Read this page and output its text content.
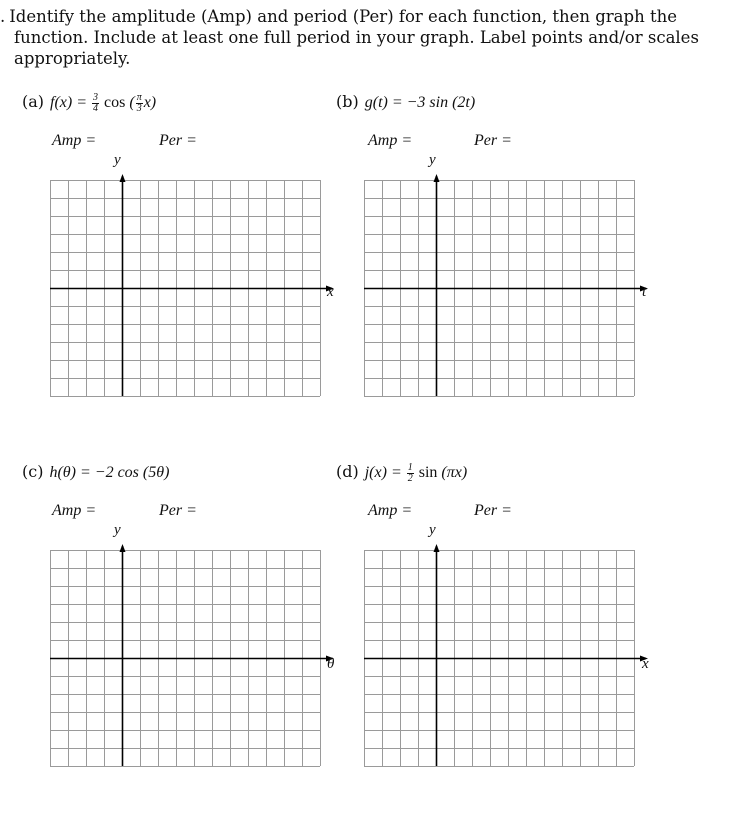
. Identify the amplitude (Amp) and period (Per) for each function, then graph the
function. Include at least one full period in your graph. Label points and/or scales
appropriately.
(a) $f(x) = \frac{3}{4}$ cos ( $\frac{\pi}{3} x$)
Amp =	Per =
y
x
(b) g(t) = −3 sin (2t)
Amp =	Per =
y
t
(c) h(θ) = −2 cos (5θ)
Amp =	Per =
y
θ
(d) $j(x) = \frac{1}{2}$ sin (πx)
Amp =	Per =
y
x
